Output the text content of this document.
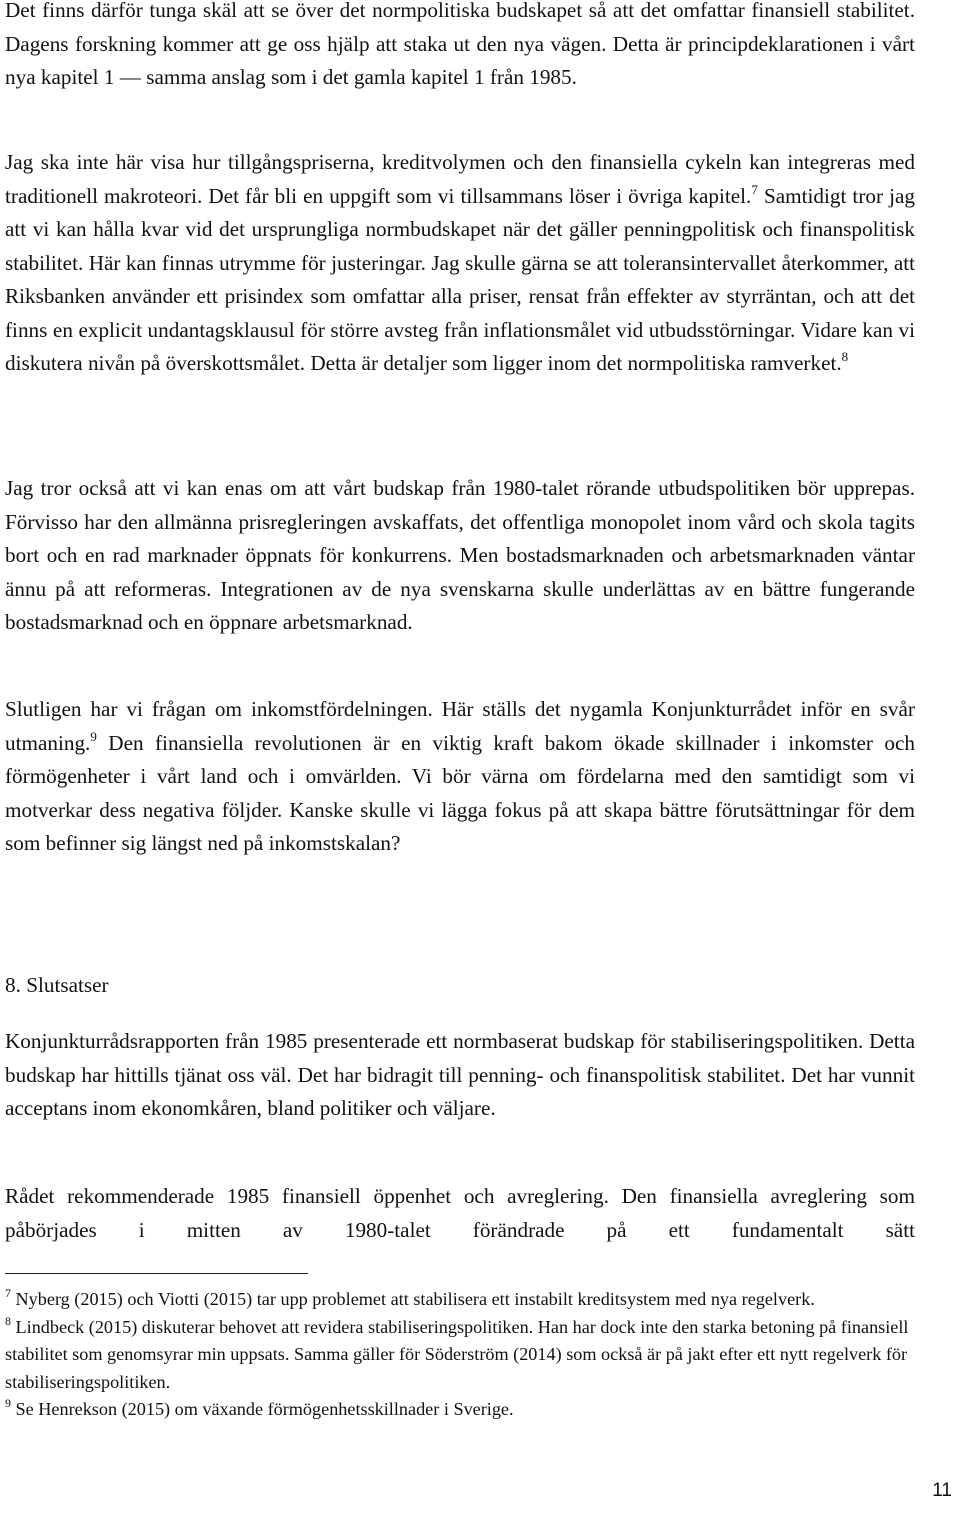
Det finns därför tunga skäl att se över det normpolitiska budskapet så att det omfattar finansiell stabilitet. Dagens forskning kommer att ge oss hjälp att staka ut den nya vägen. Detta är principdeklarationen i vårt nya kapitel 1 — samma anslag som i det gamla kapitel 1 från 1985.

Jag ska inte här visa hur tillgångspriserna, kreditvolymen och den finansiella cykeln kan integreras med traditionell makroteori. Det får bli en uppgift som vi tillsammans löser i övriga kapitel.$^7$ Samtidigt tror jag att vi kan hålla kvar vid det ursprungliga normbudskapet när det gäller penningpolitisk och finanspolitisk stabilitet. Här kan finnas utrymme för justeringar. Jag skulle gärna se att toleransintervallet återkommer, att Riksbanken använder ett prisindex som omfattar alla priser, rensat från effekter av styrräntan, och att det finns en explicit undantagsklausul för större avsteg från inflationsmålet vid utbudsstörningar. Vidare kan vi diskutera nivån på överskottsmålet. Detta är detaljer som ligger inom det normpolitiska ramverket.$^8$

Jag tror också att vi kan enas om att vårt budskap från 1980-talet rörande utbudspolitiken bör upprepas. Förvisso har den allmänna prisregleringen avskaffats, det offentliga monopolet inom vård och skola tagits bort och en rad marknader öppnats för konkurrens. Men bostadsmarknaden och arbetsmarknaden väntar ännu på att reformeras. Integrationen av de nya svenskarna skulle underlättas av en bättre fungerande bostadsmarknad och en öppnare arbetsmarknad.

Slutligen har vi frågan om inkomstfördelningen. Här ställs det nygamla Konjunkturrådet inför en svår utmaning.$^9$ Den finansiella revolutionen är en viktig kraft bakom ökade skillnader i inkomster och förmögenheter i vårt land och i omvärlden. Vi bör värna om fördelarna med den samtidigt som vi motverkar dess negativa följder. Kanske skulle vi lägga fokus på att skapa bättre förutsättningar för dem som befinner sig längst ned på inkomstskalan?

8. Slutsatser

Konjunkturrådsrapporten från 1985 presenterade ett normbaserat budskap för stabiliseringspolitiken. Detta budskap har hittills tjänat oss väl. Det har bidragit till penning- och finanspolitisk stabilitet. Det har vunnit acceptans inom ekonomkåren, bland politiker och väljare.

Rådet rekommenderade 1985 finansiell öppenhet och avreglering. Den finansiella avreglering som påbörjades i mitten av 1980-talet förändrade på ett fundamentalt sätt

$^7$ Nyberg (2015) och Viotti (2015) tar upp problemet att stabilisera ett instabilt kreditsystem med nya regelverk.

$^8$ Lindbeck (2015) diskuterar behovet att revidera stabiliseringspolitiken. Han har dock inte den starka betoning på finansiell stabilitet som genomsyrar min uppsats. Samma gäller för Söderström (2014) som också är på jakt efter ett nytt regelverk för stabiliseringspolitiken.

$^9$ Se Henrekson (2015) om växande förmögenhetsskillnader i Sverige.

11
